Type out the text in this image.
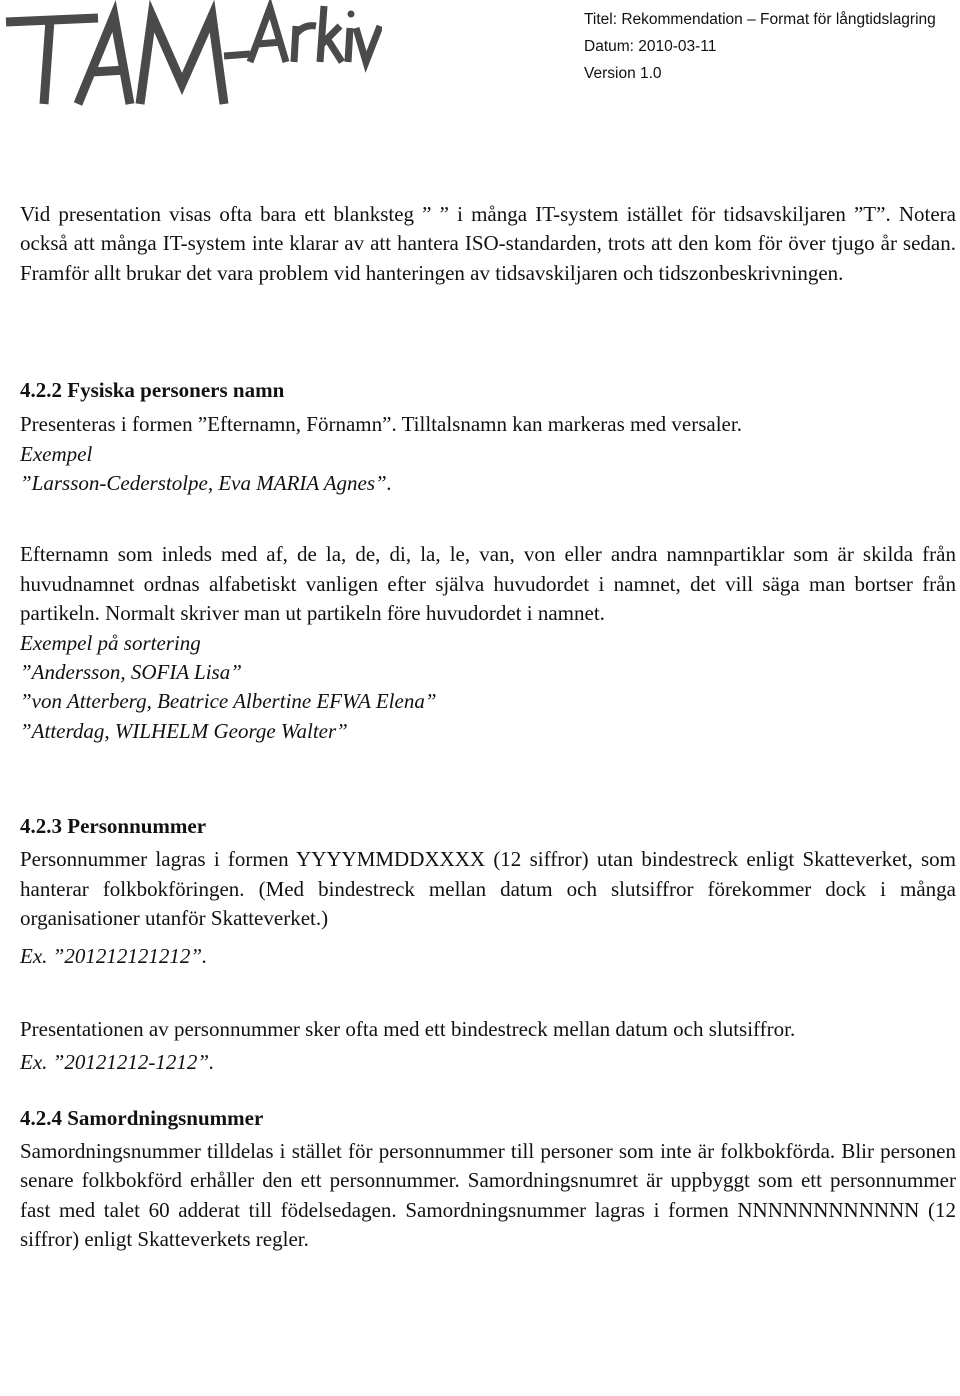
Titel: Rekommendation – Format för långtidslagring
Datum: 2010-03-11
Version 1.0

Vid presentation visas ofta bara ett blanksteg ” ” i många IT-system istället för tidsavskiljaren ”T”. Notera också att många IT-system inte klarar av att hantera ISO-standarden, trots att den kom för över tjugo år sedan. Framför allt brukar det vara problem vid hanteringen av tidsavskiljaren och tidszonbeskrivningen.

4.2.2 Fysiska personers namn
Presenteras i formen ”Efternamn, Förnamn”. Tilltalsnamn kan markeras med versaler.
Exempel
”Larsson-Cederstolpe, Eva MARIA Agnes”.

Efternamn som inleds med af, de la, de, di, la, le, van, von eller andra namnpartiklar som är skilda från huvudnamnet ordnas alfabetiskt vanligen efter själva huvudordet i namnet, det vill säga man bortser från partikeln. Normalt skriver man ut partikeln före huvudordet i namnet.

Exempel på sortering
”Andersson, SOFIA Lisa”
”von Atterberg, Beatrice Albertine EFWA Elena”
”Atterdag, WILHELM George Walter”
4.2.3 Personnummer

Personnummer lagras i formen YYYYMMDDXXXX (12 siffror) utan bindestreck enligt Skatteverket, som hanterar folkbokföringen. (Med bindestreck mellan datum och slutsiffror förekommer dock i många organisationer utanför Skatteverket.)

Ex. ”201212121212”.
Presentationen av personnummer sker ofta med ett bindestreck mellan datum och slutsiffror.
Ex. ”20121212-1212”.
4.2.4 Samordningsnummer

Samordningsnummer tilldelas i stället för personnummer till personer som inte är folkbokförda. Blir personen senare folkbokförd erhåller den ett personnummer. Samordningsnumret är uppbyggt som ett personnummer fast med talet 60 adderat till födelsedagen. Samordningsnummer lagras i formen NNNNNNNNNNNN (12 siffror) enligt Skatteverkets regler.
